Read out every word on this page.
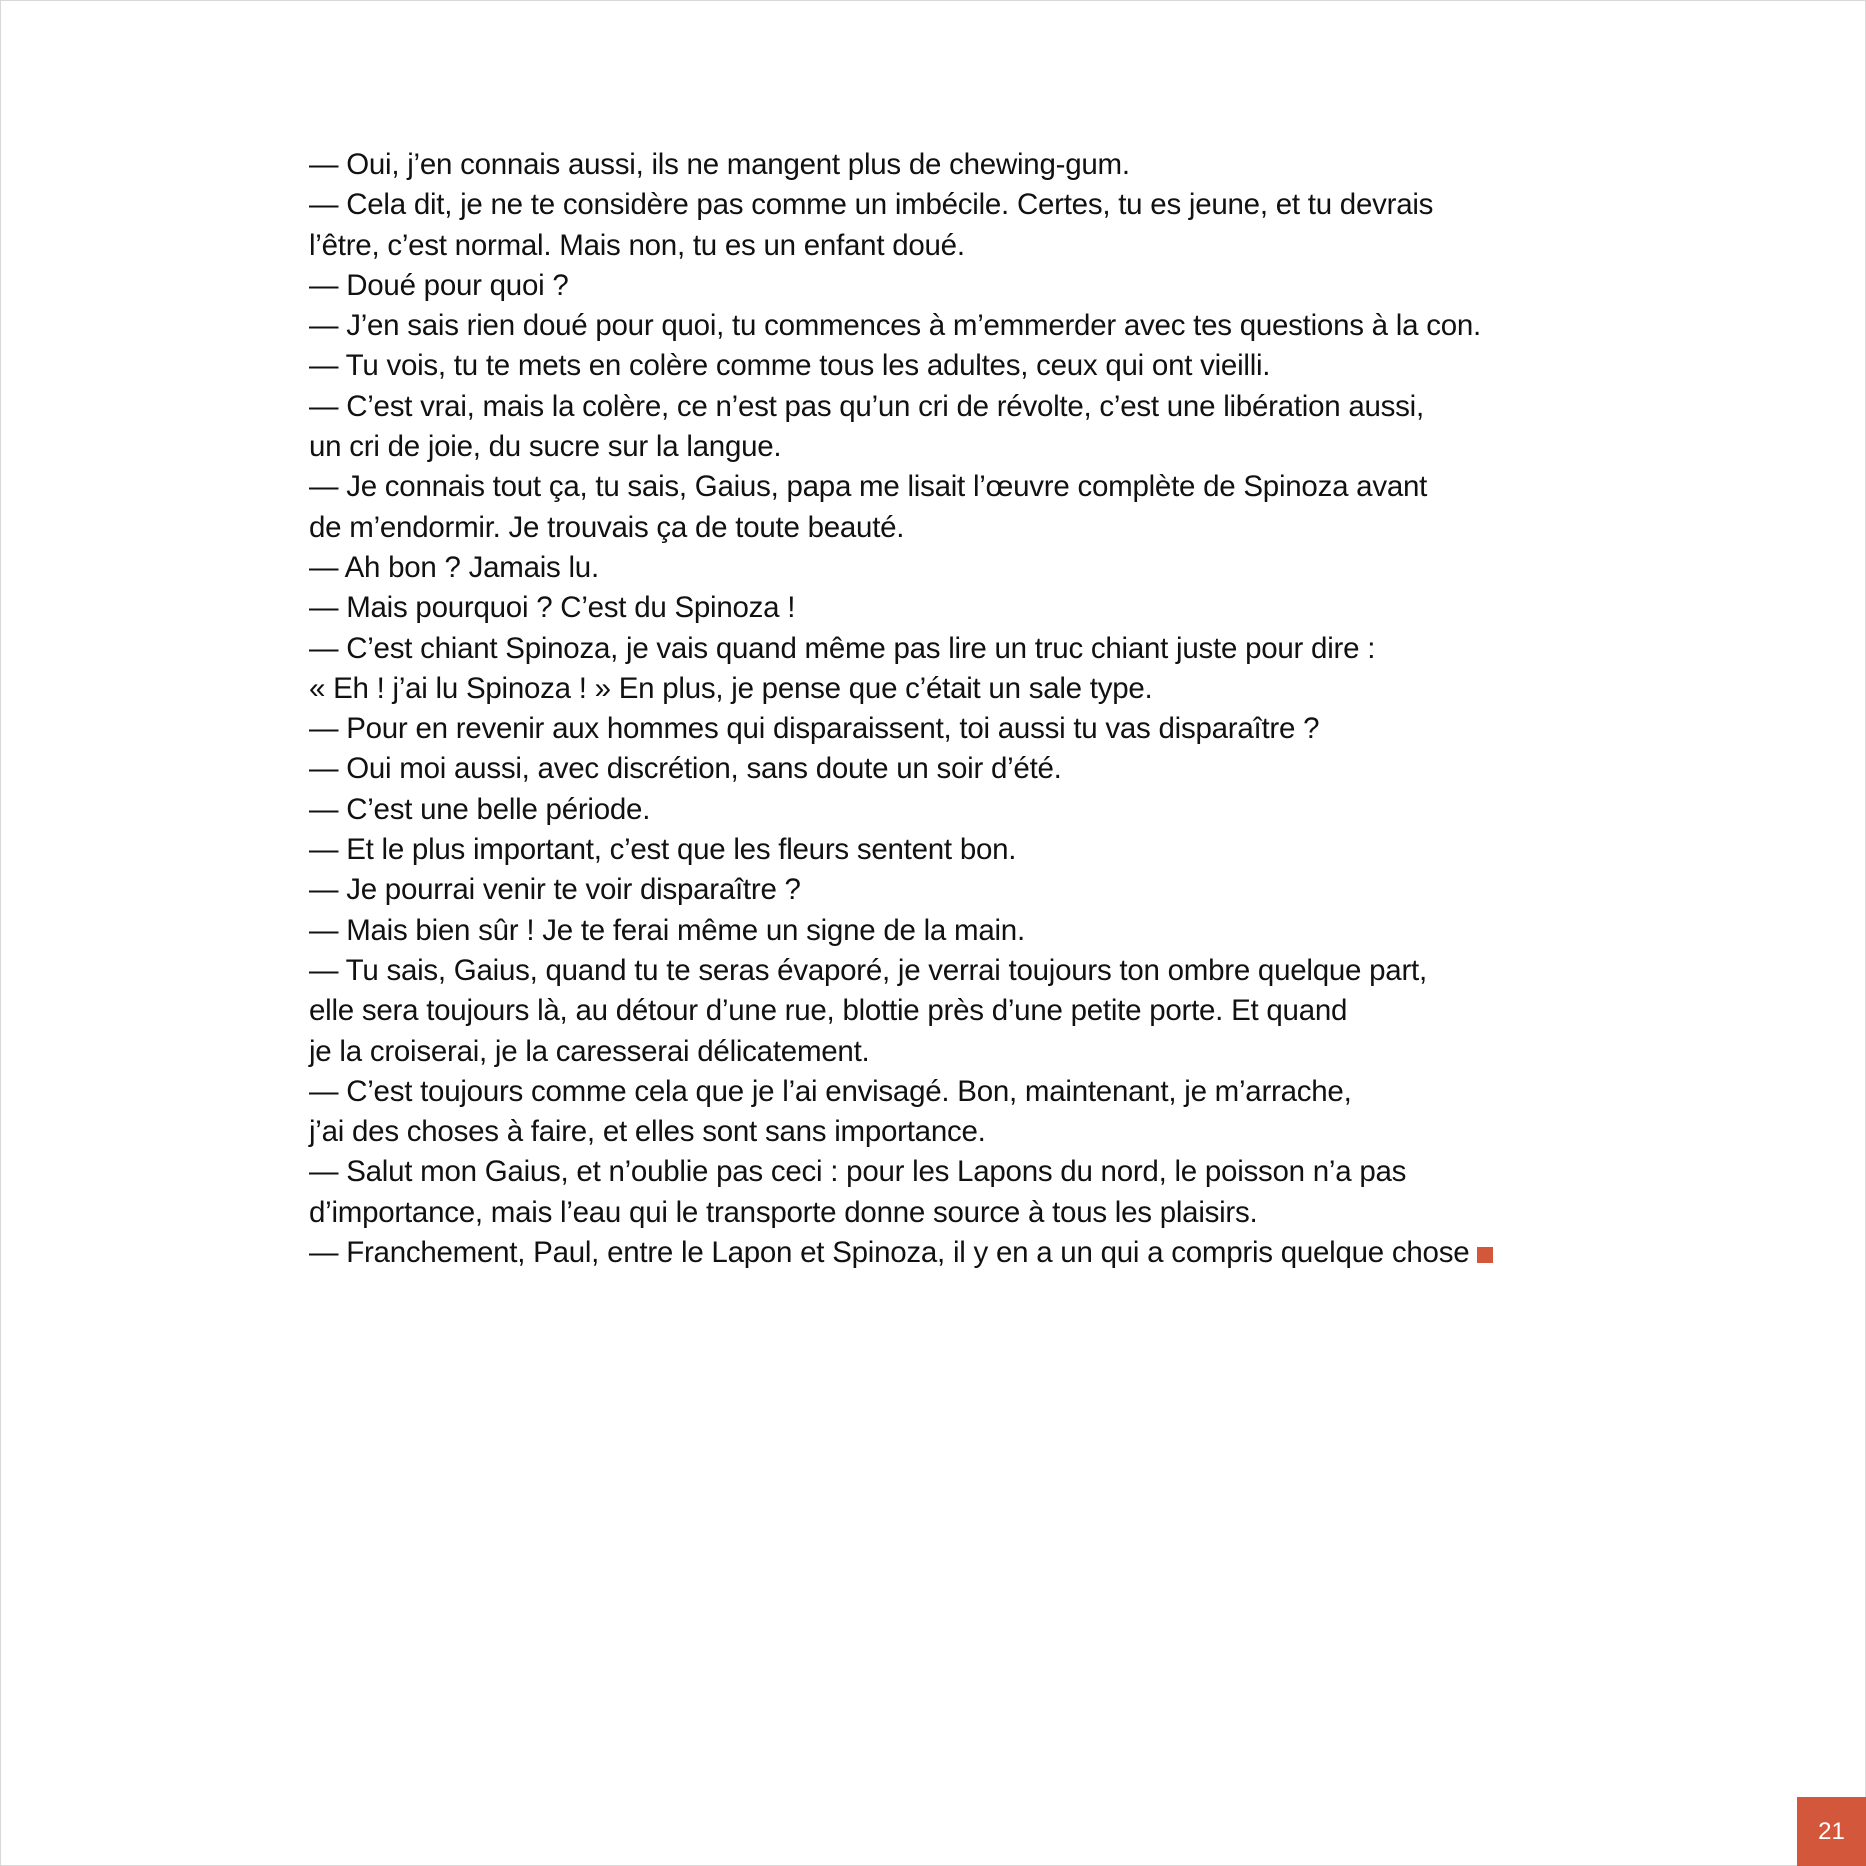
— Oui, j’en connais aussi, ils ne mangent plus de chewing-gum.

— Cela dit, je ne te considère pas comme un imbécile. Certes, tu es jeune, et tu devrais

l’être, c’est normal. Mais non, tu es un enfant doué.

— Doué pour quoi ?

— J’en sais rien doué pour quoi, tu commences à m’emmerder avec tes questions à la con.

— Tu vois, tu te mets en colère comme tous les adultes, ceux qui ont vieilli.

— C’est vrai, mais la colère, ce n’est pas qu’un cri de révolte, c’est une libération aussi,

un cri de joie, du sucre sur la langue.

— Je connais tout ça, tu sais, Gaius, papa me lisait l’œuvre complète de Spinoza avant

de m’endormir. Je trouvais ça de toute beauté.

— Ah bon ? Jamais lu.

— Mais pourquoi ? C’est du Spinoza !

— C’est chiant Spinoza, je vais quand même pas lire un truc chiant juste pour dire :

« Eh ! j’ai lu Spinoza ! » En plus, je pense que c’était un sale type.

— Pour en revenir aux hommes qui disparaissent, toi aussi tu vas disparaître ?

— Oui moi aussi, avec discrétion, sans doute un soir d’été.

— C’est une belle période.

— Et le plus important, c’est que les fleurs sentent bon.

— Je pourrai venir te voir disparaître ?

— Mais bien sûr ! Je te ferai même un signe de la main.

— Tu sais, Gaius, quand tu te seras évaporé, je verrai toujours ton ombre quelque part,

elle sera toujours là, au détour d’une rue, blottie près d’une petite porte. Et quand

je la croiserai, je la caresserai délicatement.

— C’est toujours comme cela que je l’ai envisagé. Bon, maintenant, je m’arrache,

j’ai des choses à faire, et elles sont sans importance.

— Salut mon Gaius, et n’oublie pas ceci : pour les Lapons du nord, le poisson n’a pas

d’importance, mais l’eau qui le transporte donne source à tous les plaisirs.

— Franchement, Paul, entre le Lapon et Spinoza, il y en a un qui a compris quelque chose

21
